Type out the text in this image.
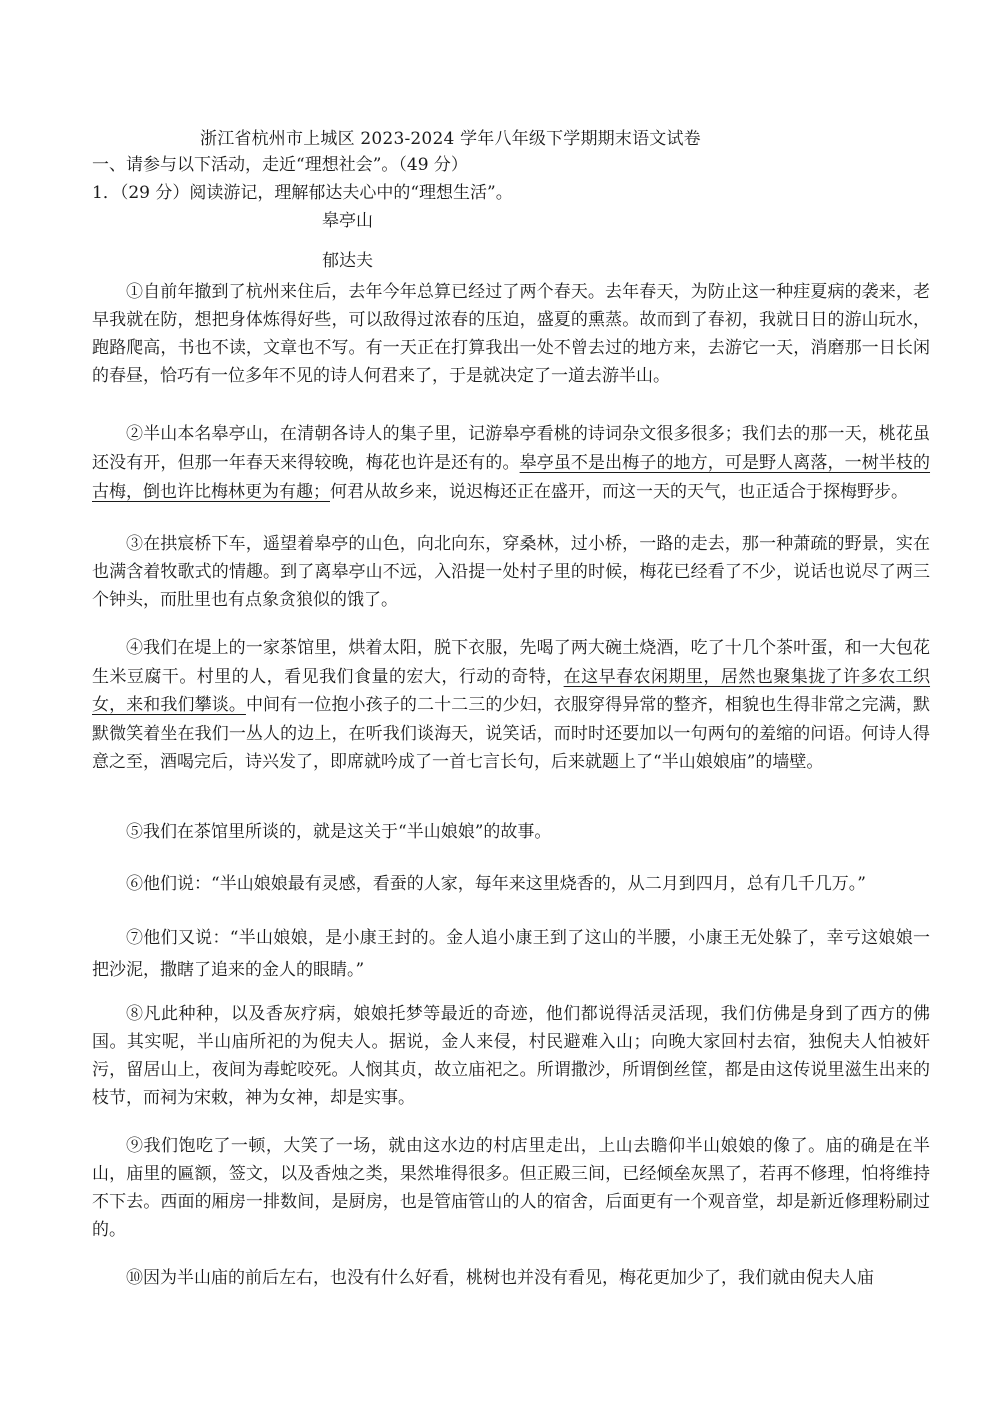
浙江省杭州市上城区 2023-2024 学年八年级下学期期末语文试卷
一、请参与以下活动，走近“理想社会”。（49 分）
1．（29 分）阅读游记，理解郁达夫心中的“理想生活”。
皋亭山
郁达夫

①自前年撤到了杭州来住后，去年今年总算已经过了两个春天。去年春天，为防止这一种疰夏病的袭来，老早我就在防，想把身体炼得好些，可以敌得过浓春的压迫，盛夏的熏蒸。故而到了春初，我就日日的游山玩水，跑路爬高，书也不读，文章也不写。有一天正在打算我出一处不曾去过的地方来，去游它一天，消磨那一日长闲的春昼，恰巧有一位多年不见的诗人何君来了，于是就决定了一道去游半山。

②半山本名皋亭山，在清朝各诗人的集子里，记游皋亭看桃的诗词杂文很多很多；我们去的那一天，桃花虽还没有开，但那一年春天来得较晚，梅花也许是还有的。皋亭虽不是出梅子的地方，可是野人离落，一树半枝的古梅，倒也许比梅林更为有趣；何君从故乡来，说迟梅还正在盛开，而这一天的天气，也正适合于探梅野步。

③在拱宸桥下车，遥望着皋亭的山色，向北向东，穿桑林，过小桥，一路的走去，那一种萧疏的野景，实在也满含着牧歌式的情趣。到了离皋亭山不远，入沿提一处村子里的时候，梅花已经看了不少，说话也说尽了两三个钟头，而肚里也有点象贪狼似的饿了。

④我们在堤上的一家茶馆里，烘着太阳，脱下衣服，先喝了两大碗土烧酒，吃了十几个茶叶蛋，和一大包花生米豆腐干。村里的人，看见我们食量的宏大，行动的奇特，在这早春农闲期里，居然也聚集拢了许多农工织女，来和我们攀谈。中间有一位抱小孩子的二十二三的少妇，衣服穿得异常的整齐，相貌也生得非常之完满，默默微笑着坐在我们一丛人的边上，在听我们谈海天，说笑话，而时时还要加以一句两句的羞缩的问语。何诗人得意之至，酒喝完后，诗兴发了，即席就吟成了一首七言长句，后来就题上了“半山娘娘庙”的墙壁。

⑤我们在茶馆里所谈的，就是这关于“半山娘娘”的故事。

⑥他们说：“半山娘娘最有灵感，看蚕的人家，每年来这里烧香的，从二月到四月，总有几千几万。”

⑦他们又说：“半山娘娘，是小康王封的。金人追小康王到了这山的半腰，小康王无处躲了，幸亏这娘娘一把沙泥，撒瞎了追来的金人的眼睛。”

⑧凡此种种，以及香灰疗病，娘娘托梦等最近的奇迹，他们都说得活灵活现，我们仿佛是身到了西方的佛国。其实呢，半山庙所祀的为倪夫人。据说，金人来侵，村民避难入山；向晚大家回村去宿，独倪夫人怕被奸污，留居山上，夜间为毒蛇咬死。人悯其贞，故立庙祀之。所谓撒沙，所谓倒丝筐，都是由这传说里滋生出来的枝节，而祠为宋敕，神为女神，却是实事。

⑨我们饱吃了一顿，大笑了一场，就由这水边的村店里走出，上山去瞻仰半山娘娘的像了。庙的确是在半山，庙里的匾额，签文，以及香烛之类，果然堆得很多。但正殿三间，已经倾垒灰黑了，若再不修理，怕将维持不下去。西面的厢房一排数间，是厨房，也是管庙管山的人的宿舍，后面更有一个观音堂，却是新近修理粉刷过的。

⑩因为半山庙的前后左右，也没有什么好看，桃树也并没有看见，梅花更加少了，我们就由倪夫人庙
